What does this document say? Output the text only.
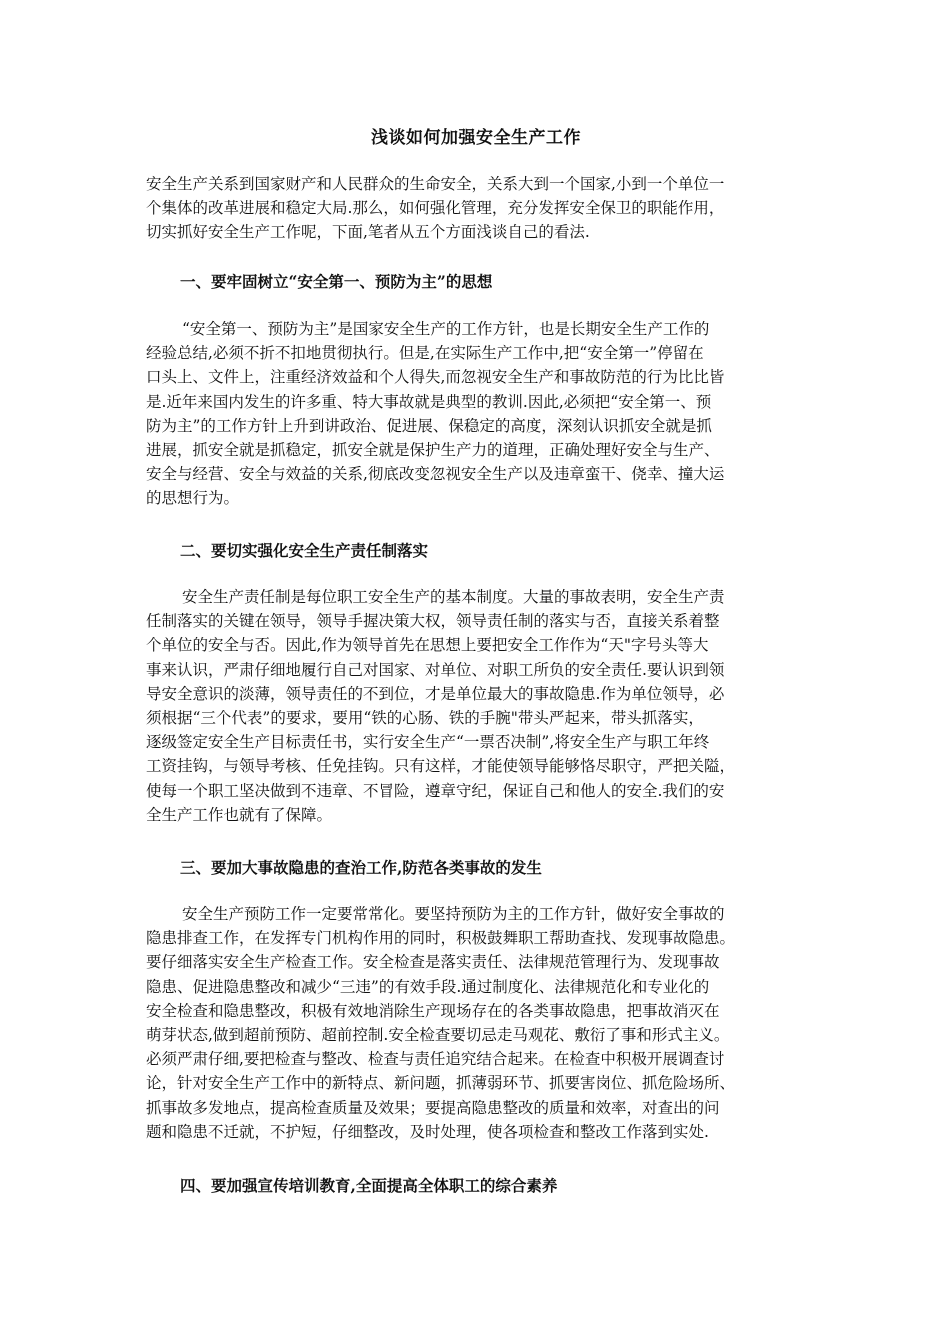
浅谈如何加强安全生产工作
安全生产关系到国家财产和人民群众的生命安全，关系大到一个国家,小到一个单位一
个集体的改革进展和稳定大局.那么，如何强化管理，充分发挥安全保卫的职能作用，
切实抓好安全生产工作呢，下面,笔者从五个方面浅谈自己的看法.
一、要牢固树立“安全第一、预防为主”的思想
“安全第一、预防为主”是国家安全生产的工作方针，也是长期安全生产工作的
经验总结,必须不折不扣地贯彻执行。但是,在实际生产工作中,把“安全第一”停留在
口头上、文件上，注重经济效益和个人得失,而忽视安全生产和事故防范的行为比比皆
是.近年来国内发生的许多重、特大事故就是典型的教训.因此,必须把“安全第一、预
防为主”的工作方针上升到讲政治、促进展、保稳定的高度，深刻认识抓安全就是抓
进展，抓安全就是抓稳定，抓安全就是保护生产力的道理，正确处理好安全与生产、
安全与经营、安全与效益的关系,彻底改变忽视安全生产以及违章蛮干、侥幸、撞大运
的思想行为。
二、要切实强化安全生产责任制落实
安全生产责任制是每位职工安全生产的基本制度。大量的事故表明，安全生产责
任制落实的关键在领导，领导手握决策大权，领导责任制的落实与否，直接关系着整
个单位的安全与否。因此,作为领导首先在思想上要把安全工作作为“天"字号头等大
事来认识，严肃仔细地履行自己对国家、对单位、对职工所负的安全责任.要认识到领
导安全意识的淡薄，领导责任的不到位，才是单位最大的事故隐患.作为单位领导，必
须根据“三个代表”的要求，要用“铁的心肠、铁的手腕"带头严起来，带头抓落实，
逐级签定安全生产目标责任书，实行安全生产“一票否决制”,将安全生产与职工年终
工资挂钩，与领导考核、任免挂钩。只有这样，才能使领导能够恪尽职守，严把关隘，
使每一个职工坚决做到不违章、不冒险，遵章守纪，保证自己和他人的安全.我们的安
全生产工作也就有了保障。
三、要加大事故隐患的查治工作,防范各类事故的发生
安全生产预防工作一定要常常化。要坚持预防为主的工作方针，做好安全事故的
隐患排查工作，在发挥专门机构作用的同时，积极鼓舞职工帮助查找、发现事故隐患。
要仔细落实安全生产检查工作。安全检查是落实责任、法律规范管理行为、发现事故
隐患、促进隐患整改和减少“三违”的有效手段.通过制度化、法律规范化和专业化的
安全检查和隐患整改，积极有效地消除生产现场存在的各类事故隐患，把事故消灭在
萌芽状态,做到超前预防、超前控制.安全检查要切忌走马观花、敷衍了事和形式主义。
必须严肃仔细,要把检查与整改、检查与责任追究结合起来。在检查中积极开展调查讨
论，针对安全生产工作中的新特点、新问题，抓薄弱环节、抓要害岗位、抓危险场所、
抓事故多发地点，提高检查质量及效果；要提高隐患整改的质量和效率，对查出的问
题和隐患不迁就，不护短，仔细整改，及时处理，使各项检查和整改工作落到实处.
四、要加强宣传培训教育,全面提高全体职工的综合素养
